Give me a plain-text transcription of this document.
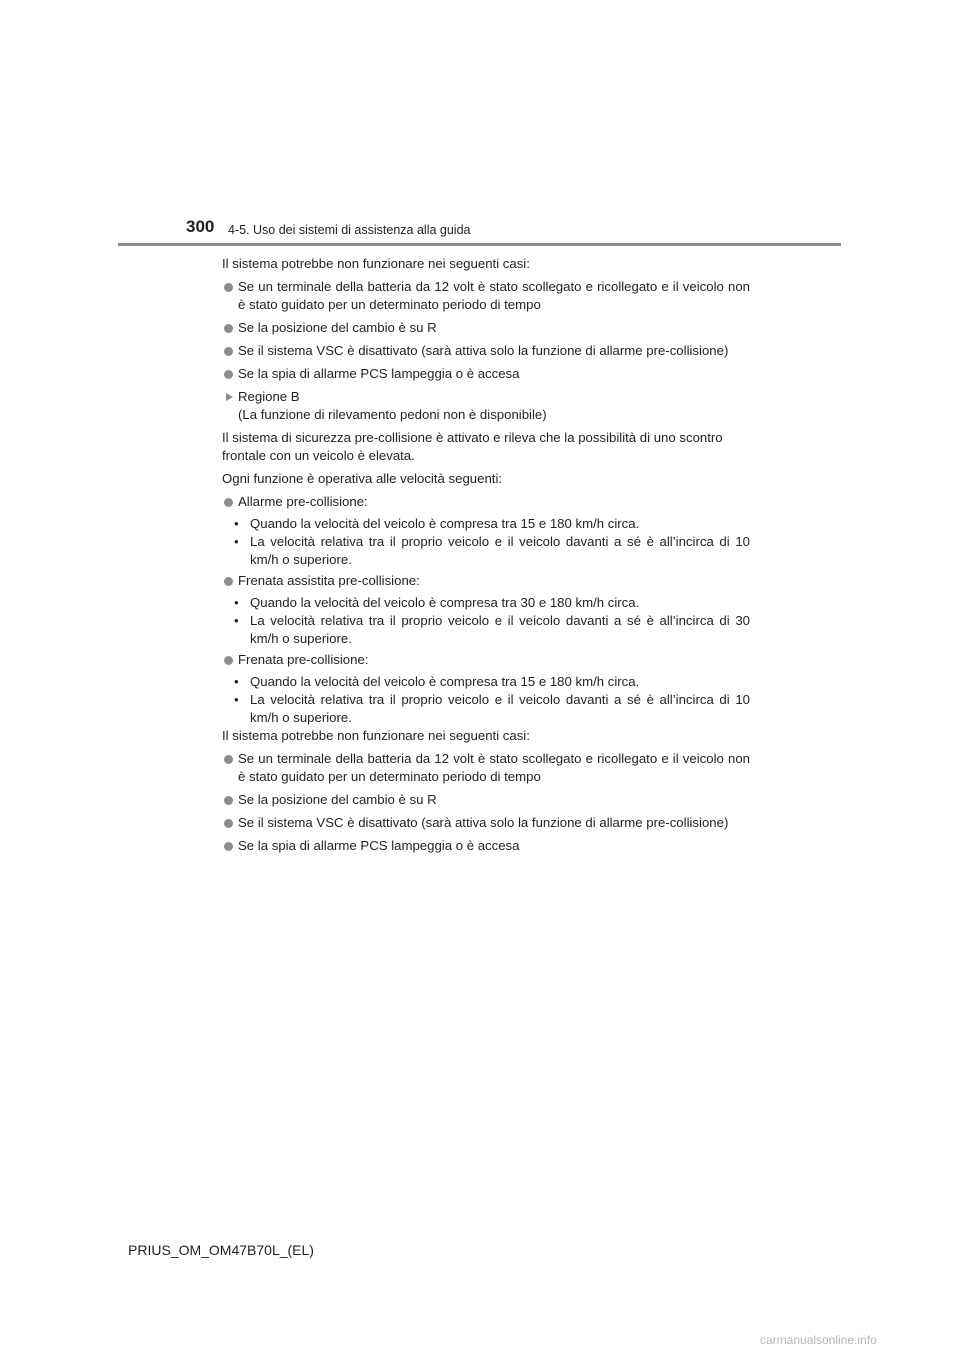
300 4-5. Uso dei sistemi di assistenza alla guida

Il sistema potrebbe non funzionare nei seguenti casi:

Se un terminale della batteria da 12 volt è stato scollegato e ricollegato e il veicolo non è stato guidato per un determinato periodo di tempo
Se la posizione del cambio è su R
Se il sistema VSC è disattivato (sarà attiva solo la funzione di allarme pre-collisione)
Se la spia di allarme PCS lampeggia o è accesa
Regione B
(La funzione di rilevamento pedoni non è disponibile)

Il sistema di sicurezza pre-collisione è attivato e rileva che la possibilità di uno scontro frontale con un veicolo è elevata.

Ogni funzione è operativa alle velocità seguenti:

Allarme pre-collisione:
• Quando la velocità del veicolo è compresa tra 15 e 180 km/h circa.
• La velocità relativa tra il proprio veicolo e il veicolo davanti a sé è all’incirca di 10 km/h o superiore.
Frenata assistita pre-collisione:
• Quando la velocità del veicolo è compresa tra 30 e 180 km/h circa.
• La velocità relativa tra il proprio veicolo e il veicolo davanti a sé è all’incirca di 30 km/h o superiore.
Frenata pre-collisione:
• Quando la velocità del veicolo è compresa tra 15 e 180 km/h circa.
• La velocità relativa tra il proprio veicolo e il veicolo davanti a sé è all’incirca di 10 km/h o superiore.

Il sistema potrebbe non funzionare nei seguenti casi:

Se un terminale della batteria da 12 volt è stato scollegato e ricollegato e il veicolo non è stato guidato per un determinato periodo di tempo
Se la posizione del cambio è su R
Se il sistema VSC è disattivato (sarà attiva solo la funzione di allarme pre-collisione)
Se la spia di allarme PCS lampeggia o è accesa
PRIUS_OM_OM47B70L_(EL)
carmanualsonline.info
